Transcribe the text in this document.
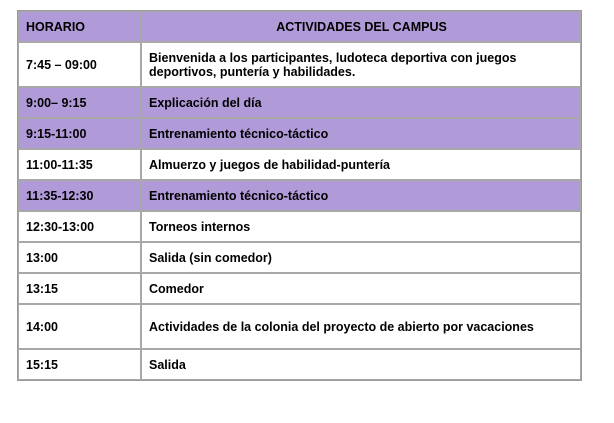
HORARIO	ACTIVIDADES DEL CAMPUS
7:45 – 09:00	Bienvenida a los participantes, ludoteca deportiva con juegos deportivos, puntería y habilidades.
9:00– 9:15	Explicación del día
9:15-11:00	Entrenamiento técnico-táctico
11:00-11:35	Almuerzo y juegos de habilidad-puntería
11:35-12:30	Entrenamiento técnico-táctico
12:30-13:00	Torneos internos
13:00	Salida (sin comedor)
13:15	Comedor
14:00	Actividades de la colonia del proyecto de abierto por vacaciones
15:15	Salida
